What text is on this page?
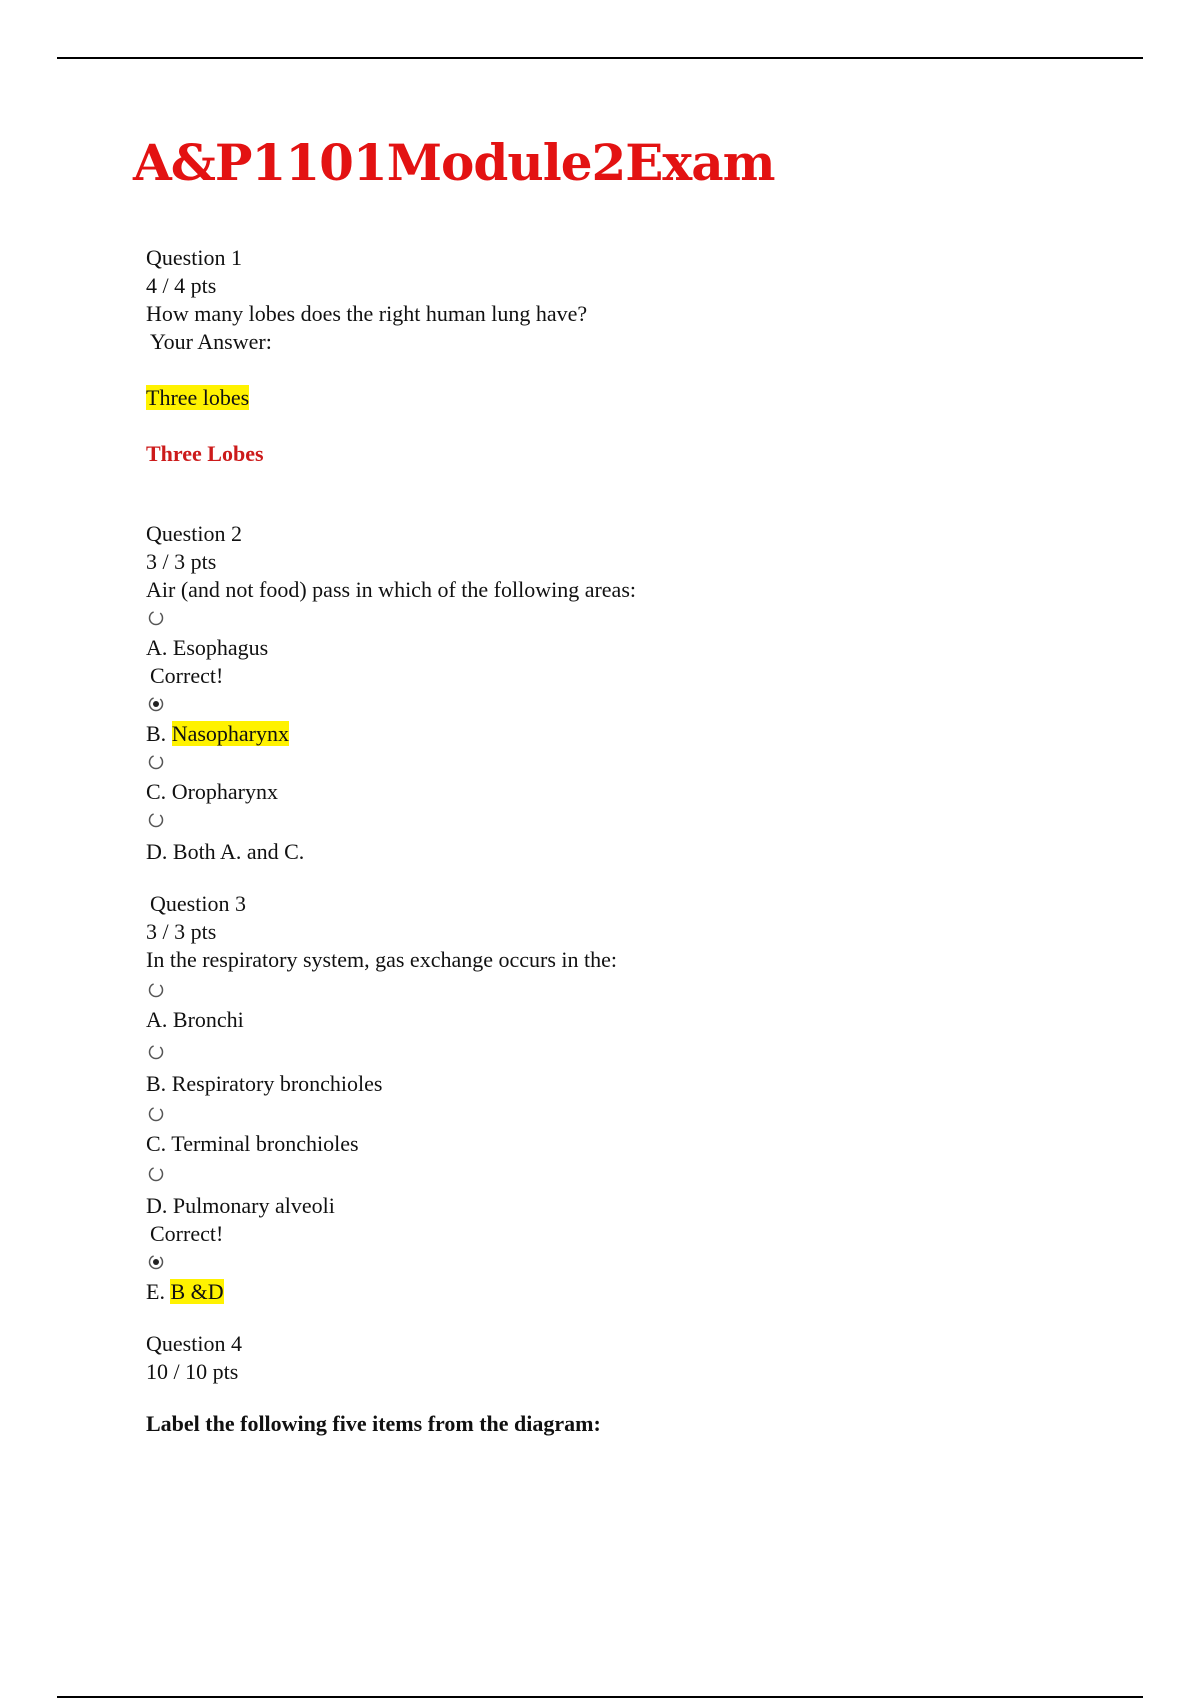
A&P1101Module2Exam
Question 1
4 / 4 pts
How many lobes does the right human lung have?
Your Answer:
Three lobes
Three Lobes
Question 2
3 / 3 pts
Air (and not food) pass in which of the following areas:
A. Esophagus
Correct!
B. Nasopharynx
C. Oropharynx
D. Both A. and C.
Question 3
3 / 3 pts
In the respiratory system, gas exchange occurs in the:
A. Bronchi
B. Respiratory bronchioles
C. Terminal bronchioles
D. Pulmonary alveoli
Correct!
E. B &D
Question 4
10 / 10 pts
Label the following five items from the diagram:
